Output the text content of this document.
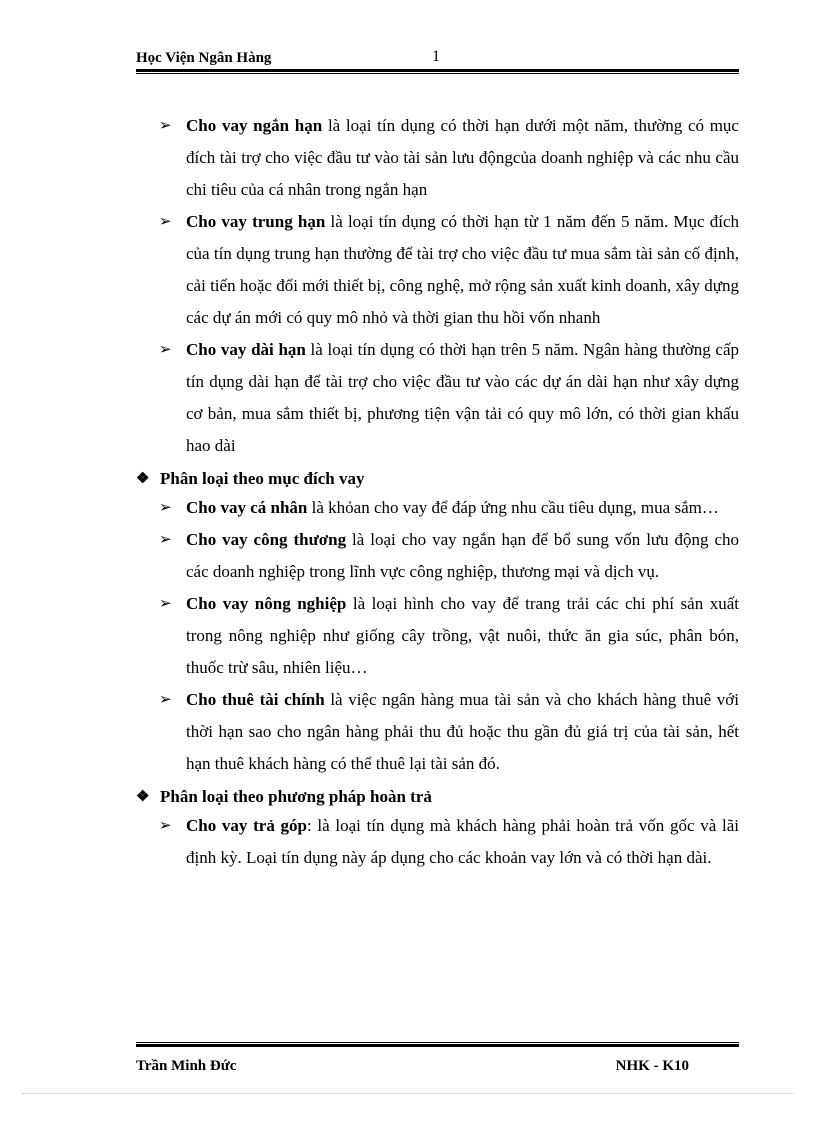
Học Viện Ngân Hàng	1
➢ Cho vay ngắn hạn là loại tín dụng có thời hạn dưới một năm, thường có mục đích tài trợ cho việc đầu tư vào tài sản lưu độngcủa doanh nghiệp và các nhu cầu chi tiêu của cá nhân trong ngắn hạn
➢ Cho vay trung hạn là loại tín dụng có thời hạn từ 1 năm đến 5 năm. Mục đích của tín dụng trung hạn thường để tài trợ cho việc đầu tư mua sắm tài sản cố định, cải tiến hoặc đổi mới thiết bị, công nghệ, mở rộng sản xuất kinh doanh, xây dựng các dự án mới có quy mô nhỏ và thời gian thu hồi vốn nhanh
➢ Cho vay dài hạn là loại tín dụng có thời hạn trên 5 năm. Ngân hàng thường cấp tín dụng dài hạn để tài trợ cho việc đầu tư vào các dự án dài hạn như xây dựng cơ bản, mua sắm thiết bị, phương tiện vận tải có quy mô lớn, có thời gian khấu hao dài
❖ Phân loại theo mục đích vay
➢ Cho vay cá nhân là khỏan cho vay để đáp ứng nhu cầu tiêu dụng, mua sắm…
➢ Cho vay công thương là loại cho vay ngắn hạn để bổ sung vốn lưu động cho các doanh nghiệp trong lĩnh vực công nghiệp, thương mại và dịch vụ.
➢ Cho vay nông nghiệp là loại hình cho vay để trang trải các chi phí sản xuất trong nông nghiệp như giống cây trồng, vật nuôi, thức ăn gia súc, phân bón, thuốc trừ sâu, nhiên liệu…
➢ Cho thuê tài chính là việc ngân hàng mua tài sản và cho khách hàng thuê với thời hạn sao cho ngân hàng phải thu đủ hoặc thu gần đủ giá trị của tài sản, hết hạn thuê khách hàng có thể thuê lại tài sản đó.
❖ Phân loại theo phương pháp hoàn trả
➢ Cho vay trả góp: là loại tín dụng mà khách hàng phải hoàn trả vốn gốc và lãi định kỳ. Loại tín dụng này áp dụng cho các khoản vay lớn và có thời hạn dài.
Trần Minh Đức	NHK - K10
